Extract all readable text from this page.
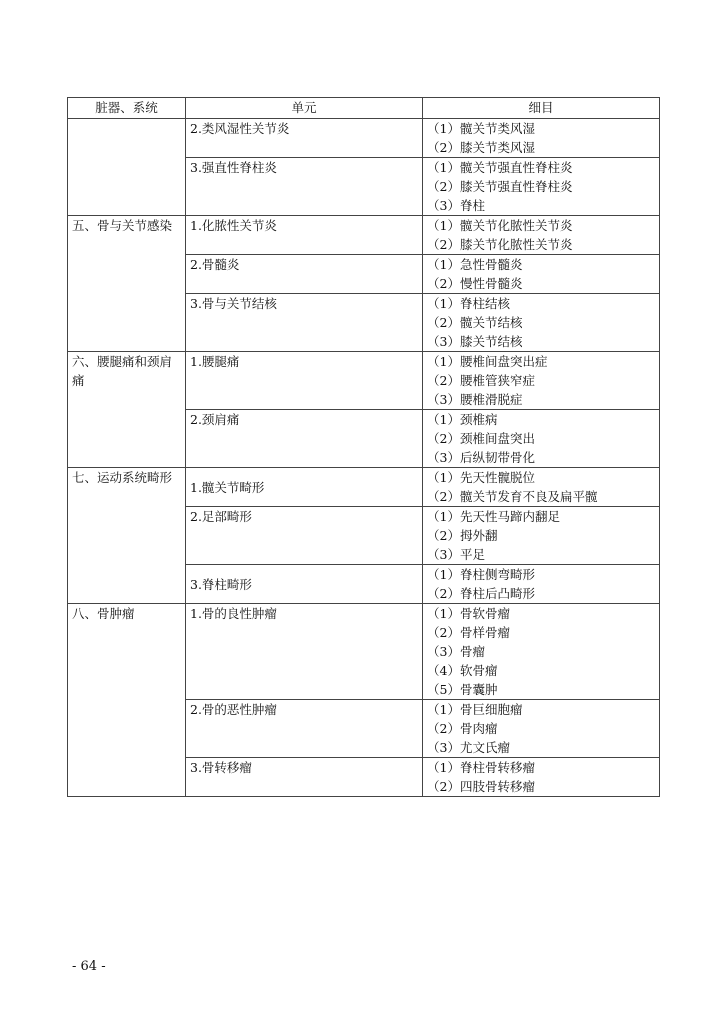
脏器、系统	单元	细目
	2.类风湿性关节炎	（1）髋关节类风湿
（2）膝关节类风湿

	3.强直性脊柱炎	（1）髋关节强直性脊柱炎
（2）膝关节强直性脊柱炎
（3）脊柱

五、骨与关节感染	1.化脓性关节炎	（1）髋关节化脓性关节炎
（2）膝关节化脓性关节炎

	2.骨髓炎	（1）急性骨髓炎
（2）慢性骨髓炎

	3.骨与关节结核	（1）脊柱结核
（2）髋关节结核
（3）膝关节结核

六、腰腿痛和颈肩痛	1.腰腿痛	（1）腰椎间盘突出症
（2）腰椎管狭窄症
（3）腰椎滑脱症

	2.颈肩痛	（1）颈椎病
（2）颈椎间盘突出
（3）后纵韧带骨化

七、运动系统畸形	1.髋关节畸形	（1）先天性髋脱位
（2）髋关节发育不良及扁平髋

	2.足部畸形	（1）先天性马蹄内翻足
（2）拇外翻
（3）平足

	3.脊柱畸形	（1）脊柱侧弯畸形
（2）脊柱后凸畸形

八、骨肿瘤	1.骨的良性肿瘤	（1）骨软骨瘤
（2）骨样骨瘤
（3）骨瘤
（4）软骨瘤
（5）骨囊肿

	2.骨的恶性肿瘤	（1）骨巨细胞瘤
（2）骨肉瘤
（3）尤文氏瘤

	3.骨转移瘤	（1）脊柱骨转移瘤
（2）四肢骨转移瘤
- 64 -
